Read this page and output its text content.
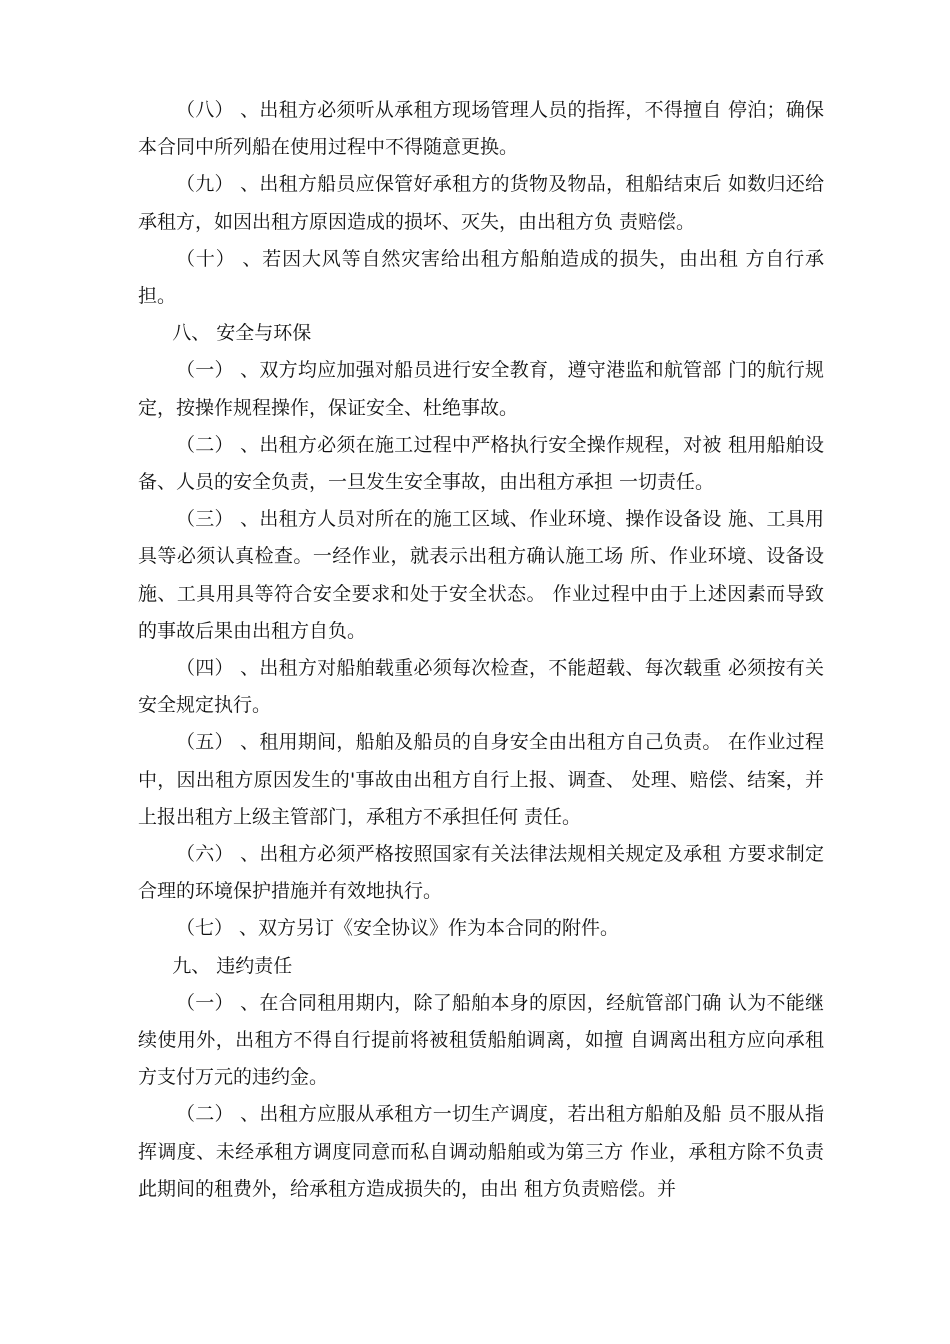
（八） 、出租方必须听从承租方现场管理人员的指挥，不得擅自 停泊；确保本合同中所列船在使用过程中不得随意更换。

（九） 、出租方船员应保管好承租方的货物及物品，租船结束后 如数归还给承租方，如因出租方原因造成的损坏、灭失，由出租方负 责赔偿。

（十） 、若因大风等自然灾害给出租方船舶造成的损失，由出租 方自行承担。

八、 安全与环保

（一） 、双方均应加强对船员进行安全教育，遵守港监和航管部 门的航行规定，按操作规程操作，保证安全、杜绝事故。

（二） 、出租方必须在施工过程中严格执行安全操作规程，对被 租用船舶设备、人员的安全负责，一旦发生安全事故，由出租方承担 一切责任。

（三） 、出租方人员对所在的施工区域、作业环境、操作设备设 施、工具用具等必须认真检查。一经作业，就表示出租方确认施工场 所、作业环境、设备设施、工具用具等符合安全要求和处于安全状态。 作业过程中由于上述因素而导致的事故后果由出租方自负。

（四） 、出租方对船舶载重必须每次检查，不能超载、每次载重 必须按有关安全规定执行。

（五） 、租用期间，船舶及船员的自身安全由出租方自己负责。 在作业过程中，因出租方原因发生的'事故由出租方自行上报、调查、 处理、赔偿、结案，并上报出租方上级主管部门，承租方不承担任何 责任。

（六） 、出租方必须严格按照国家有关法律法规相关规定及承租 方要求制定合理的环境保护措施并有效地执行。

（七） 、双方另订《安全协议》作为本合同的附件。

九、 违约责任

（一） 、在合同租用期内，除了船舶本身的原因，经航管部门确 认为不能继续使用外，出租方不得自行提前将被租赁船舶调离，如擅 自调离出租方应向承租方支付万元的违约金。

（二） 、出租方应服从承租方一切生产调度，若出租方船舶及船 员不服从指挥调度、未经承租方调度同意而私自调动船舶或为第三方 作业，承租方除不负责此期间的租费外，给承租方造成损失的，由出 租方负责赔偿。并
